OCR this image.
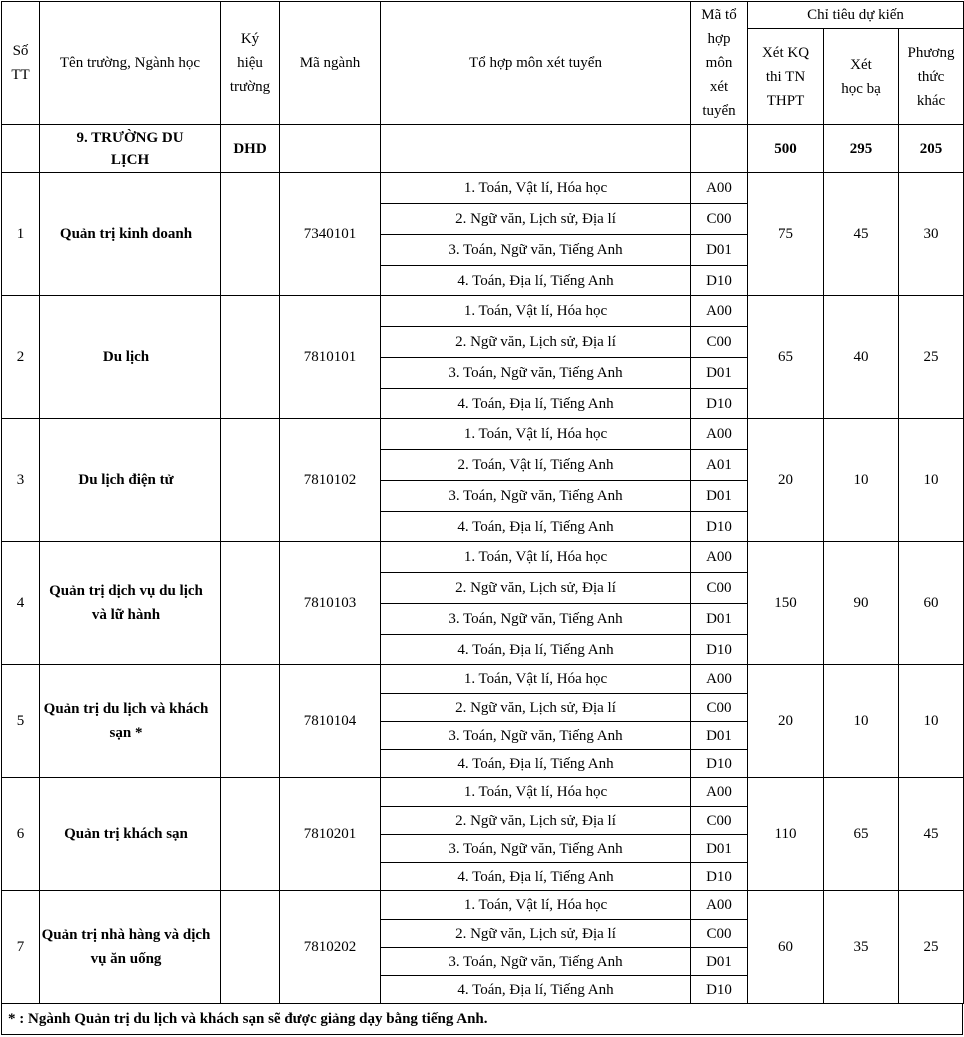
Số TT	Tên trường, Ngành học	Ký hiệu trường	Mã ngành	Tổ hợp môn xét tuyển	Mã tổ hợp môn xét tuyển	Chỉ tiêu dự kiến		
						Xét KQ thi TN THPT	Xét học bạ	Phương thức khác
	9. TRƯỜNG DU LỊCH	DHD				500	295	205
1	Quản trị kinh doanh		7340101	1. Toán, Vật lí, Hóa học	A00	75	45	30
				2. Ngữ văn, Lịch sử, Địa lí	C00			
				3. Toán, Ngữ văn, Tiếng Anh	D01			
				4. Toán, Địa lí, Tiếng Anh	D10			
2	Du lịch		7810101	1. Toán, Vật lí, Hóa học	A00	65	40	25
				2. Ngữ văn, Lịch sử, Địa lí	C00			
				3. Toán, Ngữ văn, Tiếng Anh	D01			
				4. Toán, Địa lí, Tiếng Anh	D10			
3	Du lịch điện tử		7810102	1. Toán, Vật lí, Hóa học	A00	20	10	10
				2. Toán, Vật lí, Tiếng Anh	A01			
				3. Toán, Ngữ văn, Tiếng Anh	D01			
				4. Toán, Địa lí, Tiếng Anh	D10			
4	Quản trị dịch vụ du lịch và lữ hành		7810103	1. Toán, Vật lí, Hóa học	A00	150	90	60
				2. Ngữ văn, Lịch sử, Địa lí	C00			
				3. Toán, Ngữ văn, Tiếng Anh	D01			
				4. Toán, Địa lí, Tiếng Anh	D10			
5	Quản trị du lịch và khách sạn *		7810104	1. Toán, Vật lí, Hóa học	A00	20	10	10
				2. Ngữ văn, Lịch sử, Địa lí	C00			
				3. Toán, Ngữ văn, Tiếng Anh	D01			
				4. Toán, Địa lí, Tiếng Anh	D10			
6	Quản trị khách sạn		7810201	1. Toán, Vật lí, Hóa học	A00	110	65	45
				2. Ngữ văn, Lịch sử, Địa lí	C00			
				3. Toán, Ngữ văn, Tiếng Anh	D01			
				4. Toán, Địa lí, Tiếng Anh	D10			
7	Quản trị nhà hàng và dịch vụ ăn uống		7810202	1. Toán, Vật lí, Hóa học	A00	60	35	25
				2. Ngữ văn, Lịch sử, Địa lí	C00			
				3. Toán, Ngữ văn, Tiếng Anh	D01			
				4. Toán, Địa lí, Tiếng Anh	D10			
* : Ngành Quản trị du lịch và khách sạn sẽ được giảng dạy bằng tiếng Anh.
